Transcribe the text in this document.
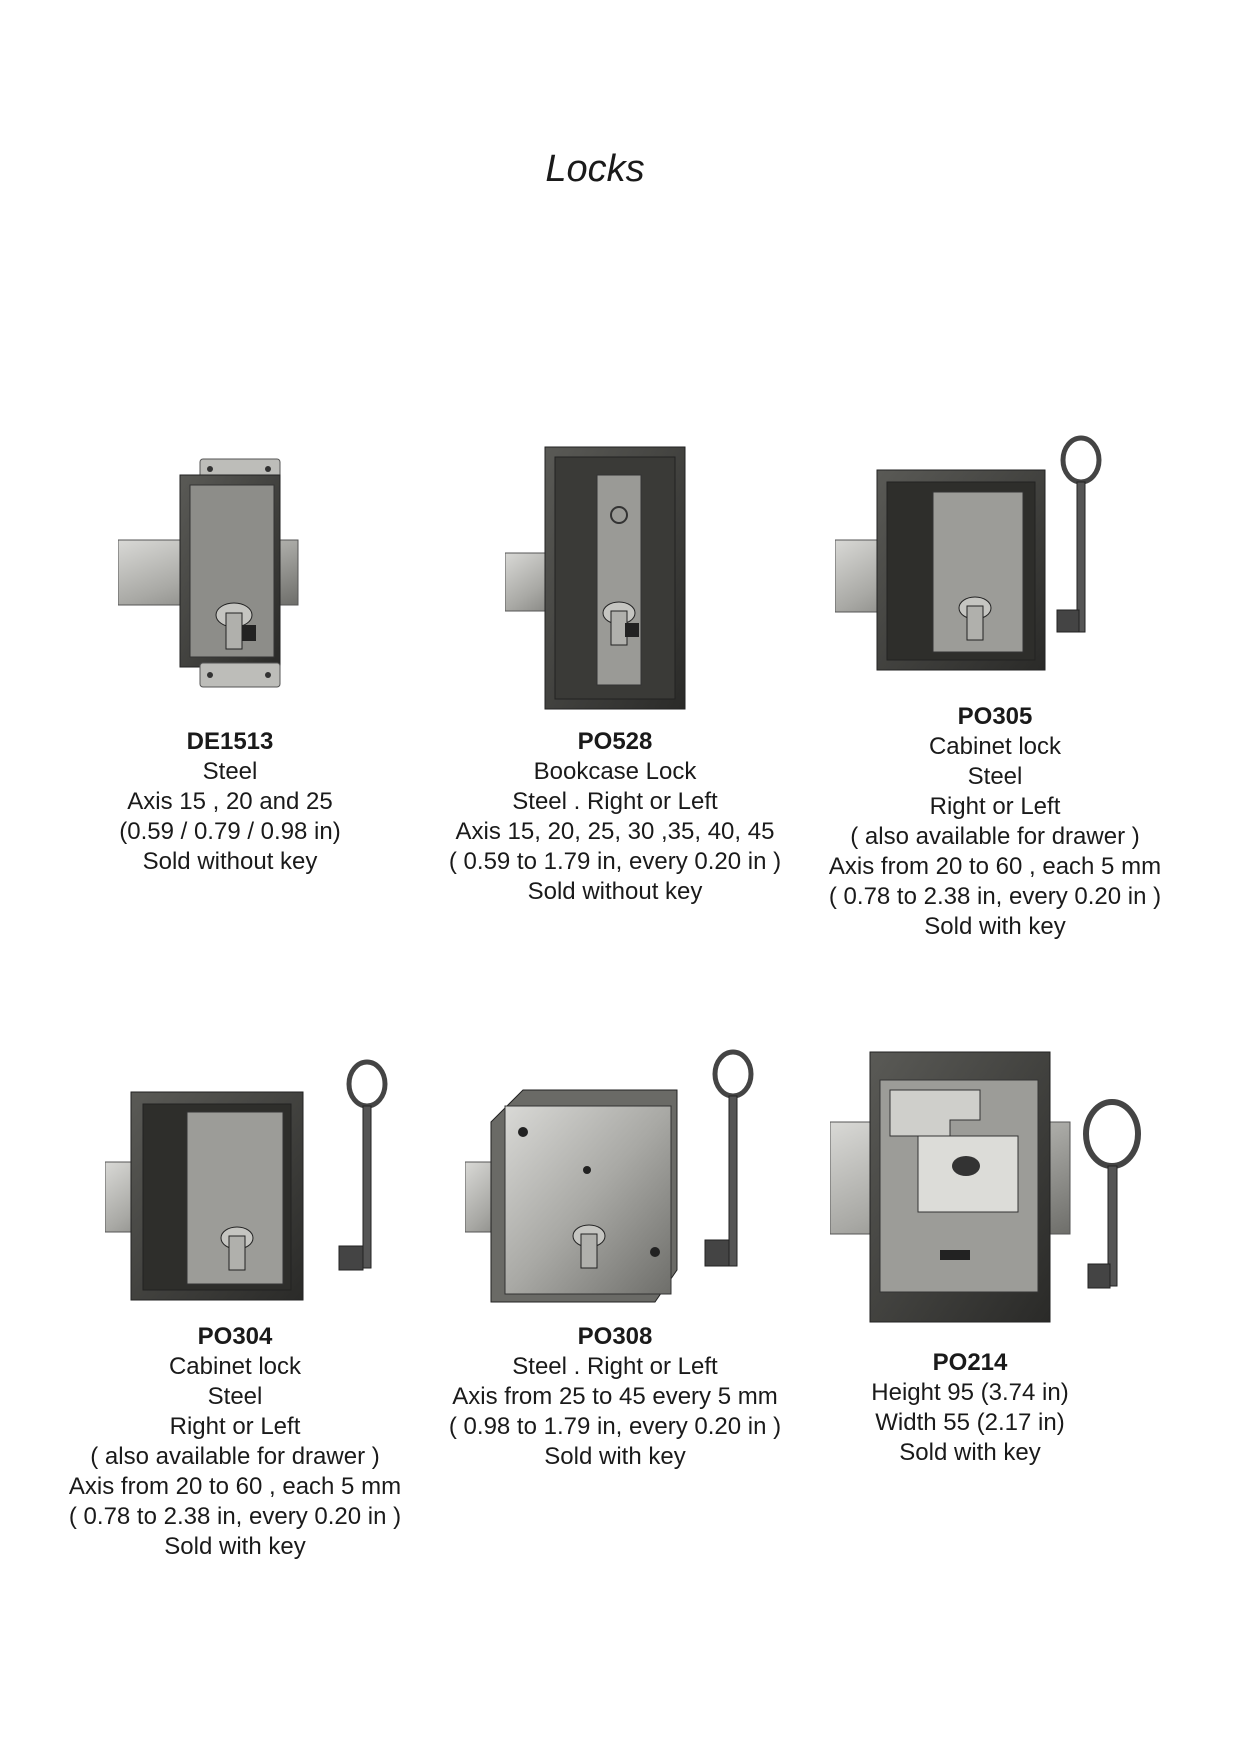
Locks
DE1513
Steel
Axis 15 , 20 and 25
(0.59 / 0.79 / 0.98 in)
Sold without key
PO528
Bookcase Lock
Steel . Right or Left
Axis 15, 20, 25, 30 ,35, 40, 45
( 0.59 to 1.79 in, every 0.20 in )
Sold without key
PO305
Cabinet lock
Steel
Right or Left
( also available for drawer )
Axis from 20 to 60 , each 5 mm
( 0.78 to 2.38 in, every 0.20 in )
Sold with key
PO304
Cabinet lock
Steel
Right or Left
( also available for drawer )
Axis from 20 to 60 , each 5 mm
( 0.78 to 2.38 in, every 0.20 in )
Sold with key
PO308
Steel . Right or Left
Axis from 25 to 45 every 5 mm
( 0.98 to 1.79 in, every 0.20 in )
Sold with key
PO214
Height 95 (3.74 in)
Width 55 (2.17 in)
Sold with key
